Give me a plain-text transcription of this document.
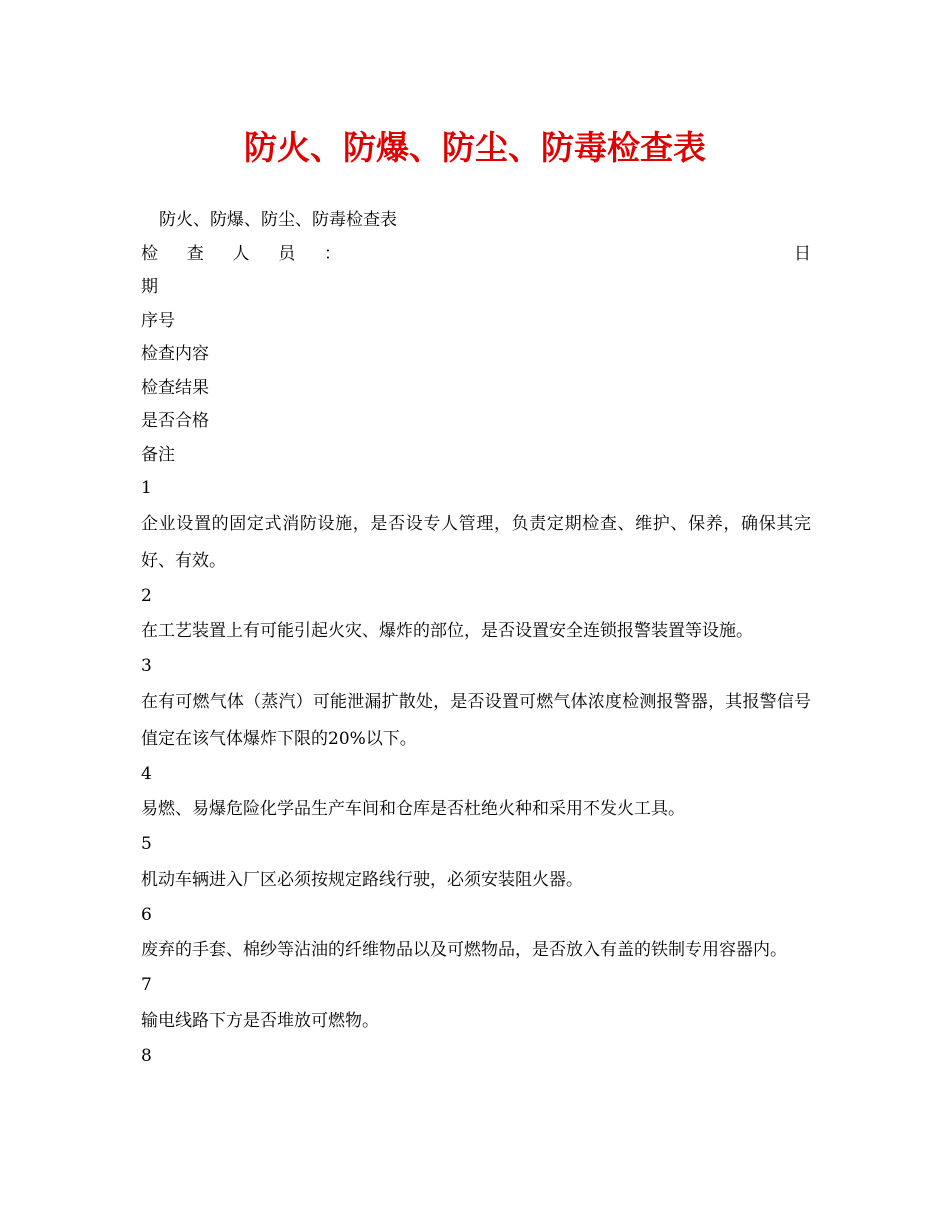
防火、防爆、防尘、防毒检查表
防火、防爆、防尘、防毒检查表
检 查 人 员 ：	日
期
序号
检查内容
检查结果
是否合格
备注
1
企业设置的固定式消防设施，是否设专人管理，负责定期检查、维护、保养，确保其完好、有效。
2
在工艺装置上有可能引起火灾、爆炸的部位，是否设置安全连锁报警装置等设施。
3
在有可燃气体（蒸汽）可能泄漏扩散处，是否设置可燃气体浓度检测报警器，其报警信号值定在该气体爆炸下限的20%以下。
4
易燃、易爆危险化学品生产车间和仓库是否杜绝火种和采用不发火工具。
5
机动车辆进入厂区必须按规定路线行驶，必须安装阻火器。
6
废弃的手套、棉纱等沾油的纤维物品以及可燃物品，是否放入有盖的铁制专用容器内。
7
输电线路下方是否堆放可燃物。
8
